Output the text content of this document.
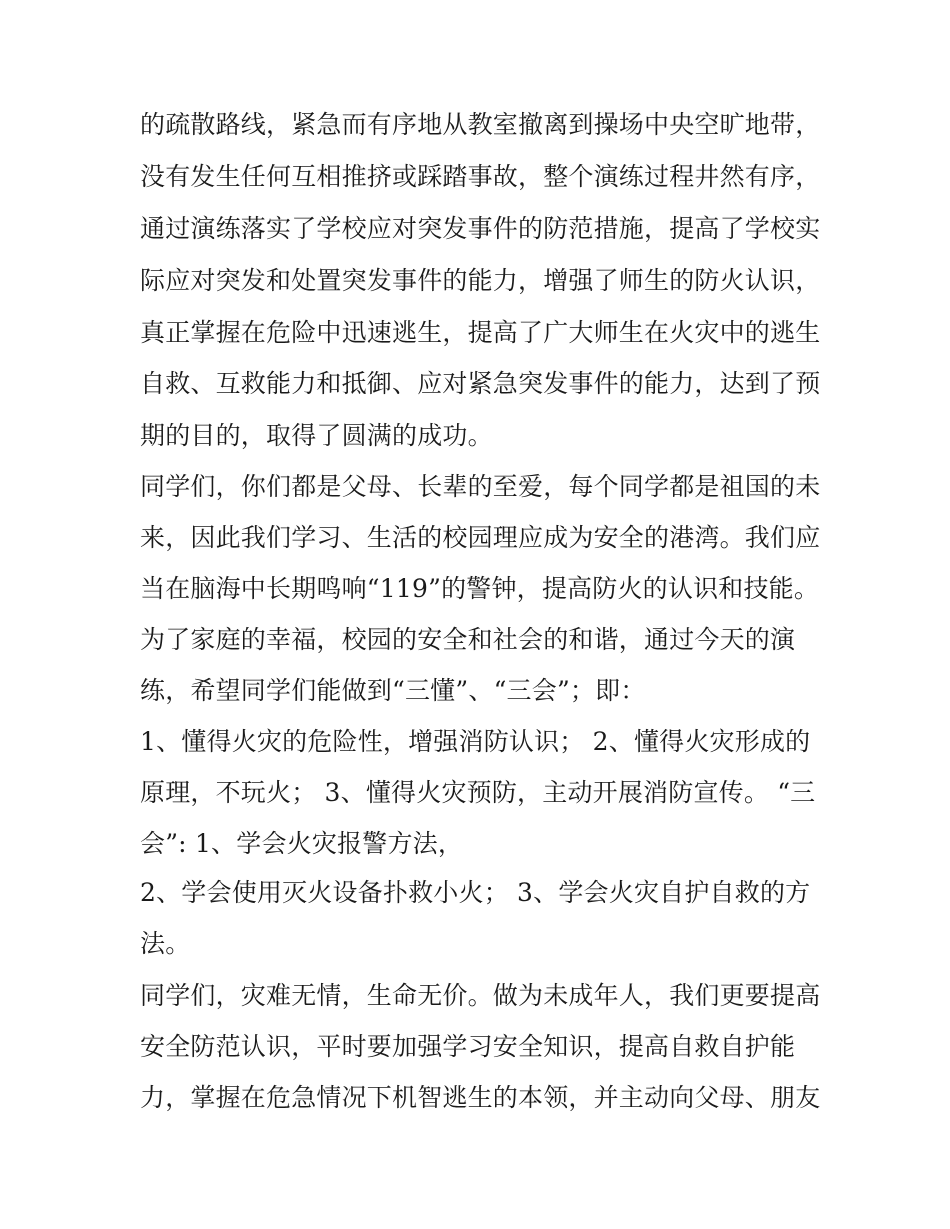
的疏散路线，紧急而有序地从教室撤离到操场中央空旷地带，
没有发生任何互相推挤或踩踏事故，整个演练过程井然有序，
通过演练落实了学校应对突发事件的防范措施，提高了学校实
际应对突发和处置突发事件的能力，增强了师生的防火认识，
真正掌握在危险中迅速逃生，提高了广大师生在火灾中的逃生
自救、互救能力和抵御、应对紧急突发事件的能力，达到了预
期的目的，取得了圆满的成功。
同学们，你们都是父母、长辈的至爱，每个同学都是祖国的未
来，因此我们学习、生活的校园理应成为安全的港湾。我们应
当在脑海中长期鸣响“119”的警钟，提高防火的认识和技能。
为了家庭的幸福，校园的安全和社会的和谐，通过今天的演
练，希望同学们能做到“三懂”、“三会”；即：
1、懂得火灾的危险性，增强消防认识； 2、懂得火灾形成的
原理，不玩火； 3、懂得火灾预防，主动开展消防宣传。 “三
会”: 1、学会火灾报警方法，
2、学会使用灭火设备扑救小火； 3、学会火灾自护自救的方
法。
同学们，灾难无情，生命无价。做为未成年人，我们更要提高
安全防范认识，平时要加强学习安全知识，提高自救自护能
力，掌握在危急情况下机智逃生的本领，并主动向父母、朋友
